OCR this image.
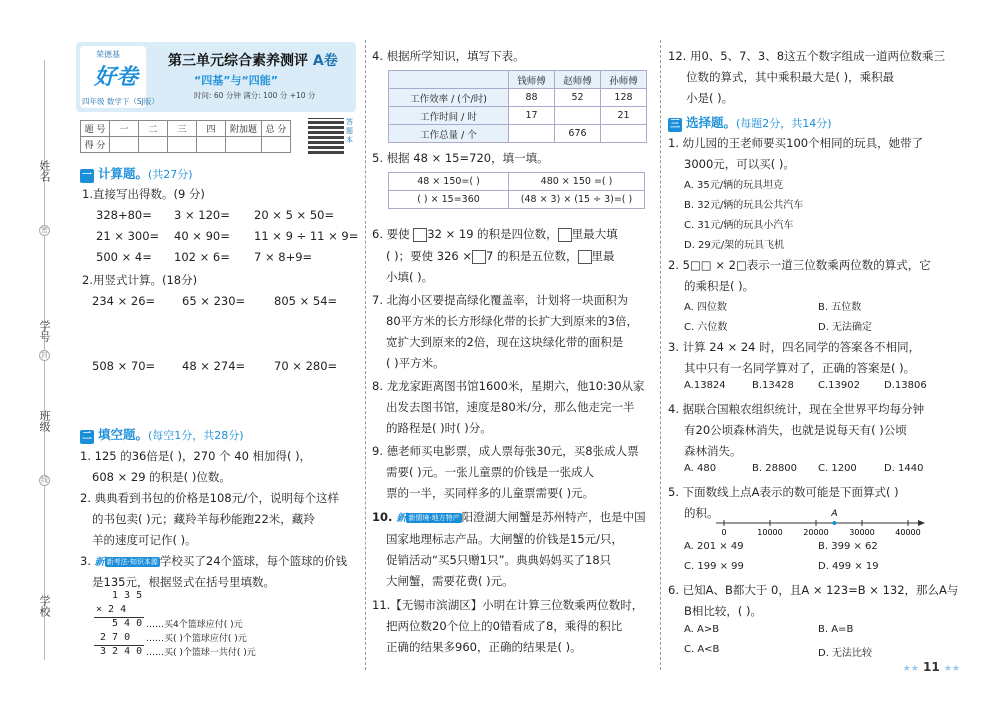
姓名
学号
班级
学校
密
封
线
荣德基
好卷
四年级 数学下（SJ版）
第三单元综合素养测评 A卷
“四基”与“四能”
时间: 60 分钟 满分: 100 分 +10 分
题 号	一	二	三	四	附加题	总 分
得 分						
答题本
一 计算题。(共27分)
1.直接写出得数。(9 分)
328+80= 3 × 120= 20 × 5 × 50=
21 × 300= 40 × 90= 11 × 9 ÷ 11 × 9=
500 × 4= 102 × 6= 7 × 8+9=
2.用竖式计算。(18分)
234 × 26= 65 × 230=	805 × 54=
508 × 70= 48 × 274=	70 × 280=
二 填空题。(每空1分，共28分)
1. 125 的36倍是( )，270 个 40 相加得( )，
608 × 29 的积是( )位数。
2. 典典看到书包的价格是108元/个，说明每个这样
的书包卖( )元；藏羚羊每秒能跑22米，藏羚
羊的速度可记作( )。
3. 新 新考法·知识本源 学校买了24个篮球，每个篮球的价钱
是135元，根据竖式在括号里填数。
1 3 5
× 2 4
5 4 0
2 7 0
3 2 4 0
……买4个篮球应付( )元
……买( )个篮球应付( )元
……买( )个篮球一共付( )元
4. 根据所学知识，填写下表。
	钱师傅	赵师傅	孙师傅
工作效率 / (个/时)	88	52	128
工作时间 / 时	17		21
工作总量 / 个		676	
5. 根据 48 × 15=720，填一填。
48 × 150=( )	480 × 150 =( )
( ) × 15=360	(48 × 3) × (15 ÷ 3)=( )
6. 要使 32 × 19 的积是四位数， 里最大填
( )；要使 326 × 7 的积是五位数， 里最
小填( )。
7. 北海小区要提高绿化覆盖率，计划将一块面积为
80平方米的长方形绿化带的长扩大到原来的3倍，
宽扩大到原来的2倍，现在这块绿化带的面积是
( )平方米。
8. 龙龙家距离图书馆1600米，星期六，他10:30从家
出发去图书馆，速度是80米/分，那么他走完一半
的路程是( )时( )分。
9. 德老师买电影票，成人票每张30元，买8张成人票
需要( )元。一张儿童票的价钱是一张成人
票的一半，买同样多的儿童票需要( )元。
10. 新 新情境·地方特产 阳澄湖大闸蟹是苏州特产，也是中国
国家地理标志产品。大闸蟹的价钱是15元/只，
促销活动“买5只赠1只”。典典妈妈买了18只
大闸蟹，需要花费( )元。
11.【无锡市滨湖区】小明在计算三位数乘两位数时，
把两位数20个位上的0错看成了8，乘得的积比
正确的结果多960，正确的结果是( )。
12. 用0、5、7、3、8这五个数字组成一道两位数乘三
位数的算式，其中乘积最大是( )，乘积最
小是( )。
三 选择题。(每题2分，共14分)
1. 幼儿园的王老师要买100个相同的玩具，她带了
3000元，可以买( )。
A. 35元/辆的玩具坦克
B. 32元/辆的玩具公共汽车
C. 31元/辆的玩具小汽车
D. 29元/架的玩具飞机
2. 5□□ × 2□表示一道三位数乘两位数的算式，它
的乘积是( )。
A. 四位数	B. 五位数
C. 六位数	D. 无法确定
3. 计算 24 × 24 时，四名同学的答案各不相同，
其中只有一名同学算对了，正确的答案是( )。
A.13824	B.13428 C.13902 D.13806
4. 据联合国粮农组织统计，现在全世界平均每分钟
有20公顷森林消失，也就是说每天有( )公顷
森林消失。
A. 480	B. 28800 C. 1200	D. 1440
5. 下面数线上点A表示的数可能是下面算式( )
的积。
0	10000	20000	30000	40000
A
A. 201 × 49	B. 399 × 62
C. 199 × 99	D. 499 × 19
6. 已知A、B都大于 0，且A × 123=B × 132，那么A与
B相比较，( )。
A. A>B	B. A=B
C. A<B	D. 无法比较
★★ 11 ★★
